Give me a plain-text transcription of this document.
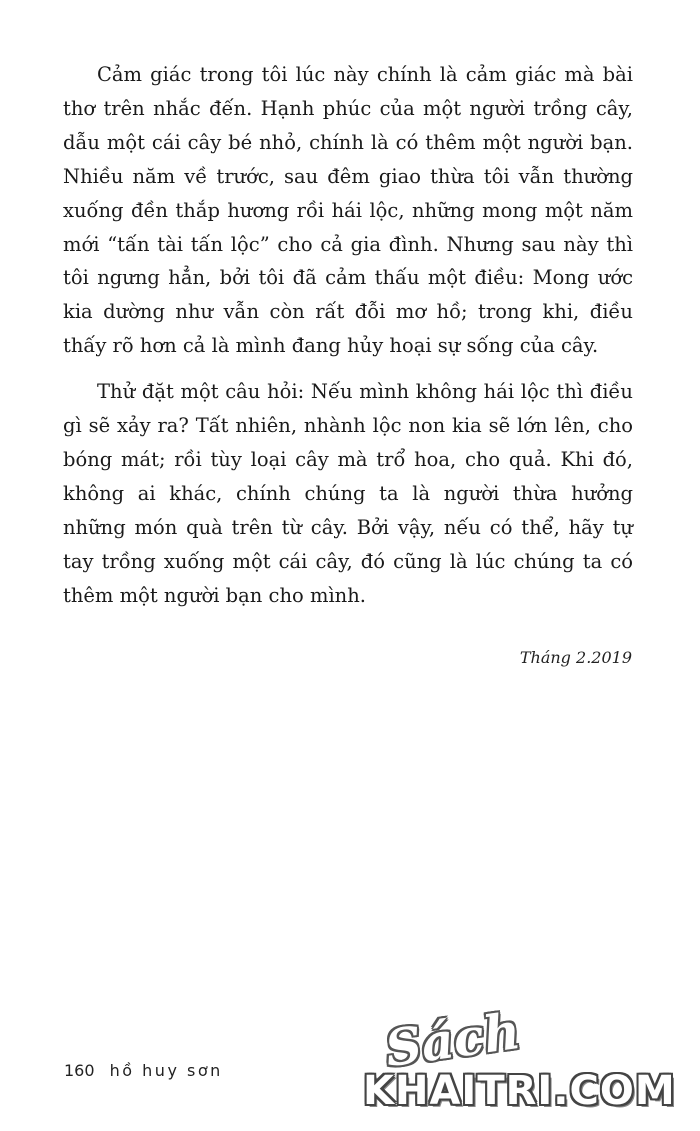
Cảm giác trong tôi lúc này chính là cảm giác mà bài thơ trên nhắc đến. Hạnh phúc của một người trồng cây, dẫu một cái cây bé nhỏ, chính là có thêm một người bạn. Nhiều năm về trước, sau đêm giao thừa tôi vẫn thường xuống đền thắp hương rồi hái lộc, những mong một năm mới “tấn tài tấn lộc” cho cả gia đình. Nhưng sau này thì tôi ngưng hẳn, bởi tôi đã cảm thấu một điều: Mong ước kia dường như vẫn còn rất đỗi mơ hồ; trong khi, điều thấy rõ hơn cả là mình đang hủy hoại sự sống của cây.

Thử đặt một câu hỏi: Nếu mình không hái lộc thì điều gì sẽ xảy ra? Tất nhiên, nhành lộc non kia sẽ lớn lên, cho bóng mát; rồi tùy loại cây mà trổ hoa, cho quả. Khi đó, không ai khác, chính chúng ta là người thừa hưởng những món quà trên từ cây. Bởi vậy, nếu có thể, hãy tự tay trồng xuống một cái cây, đó cũng là lúc chúng ta có thêm một người bạn cho mình.

Tháng 2.2019
160 hồ huy sơn	Sách
KHAITRI.COM
